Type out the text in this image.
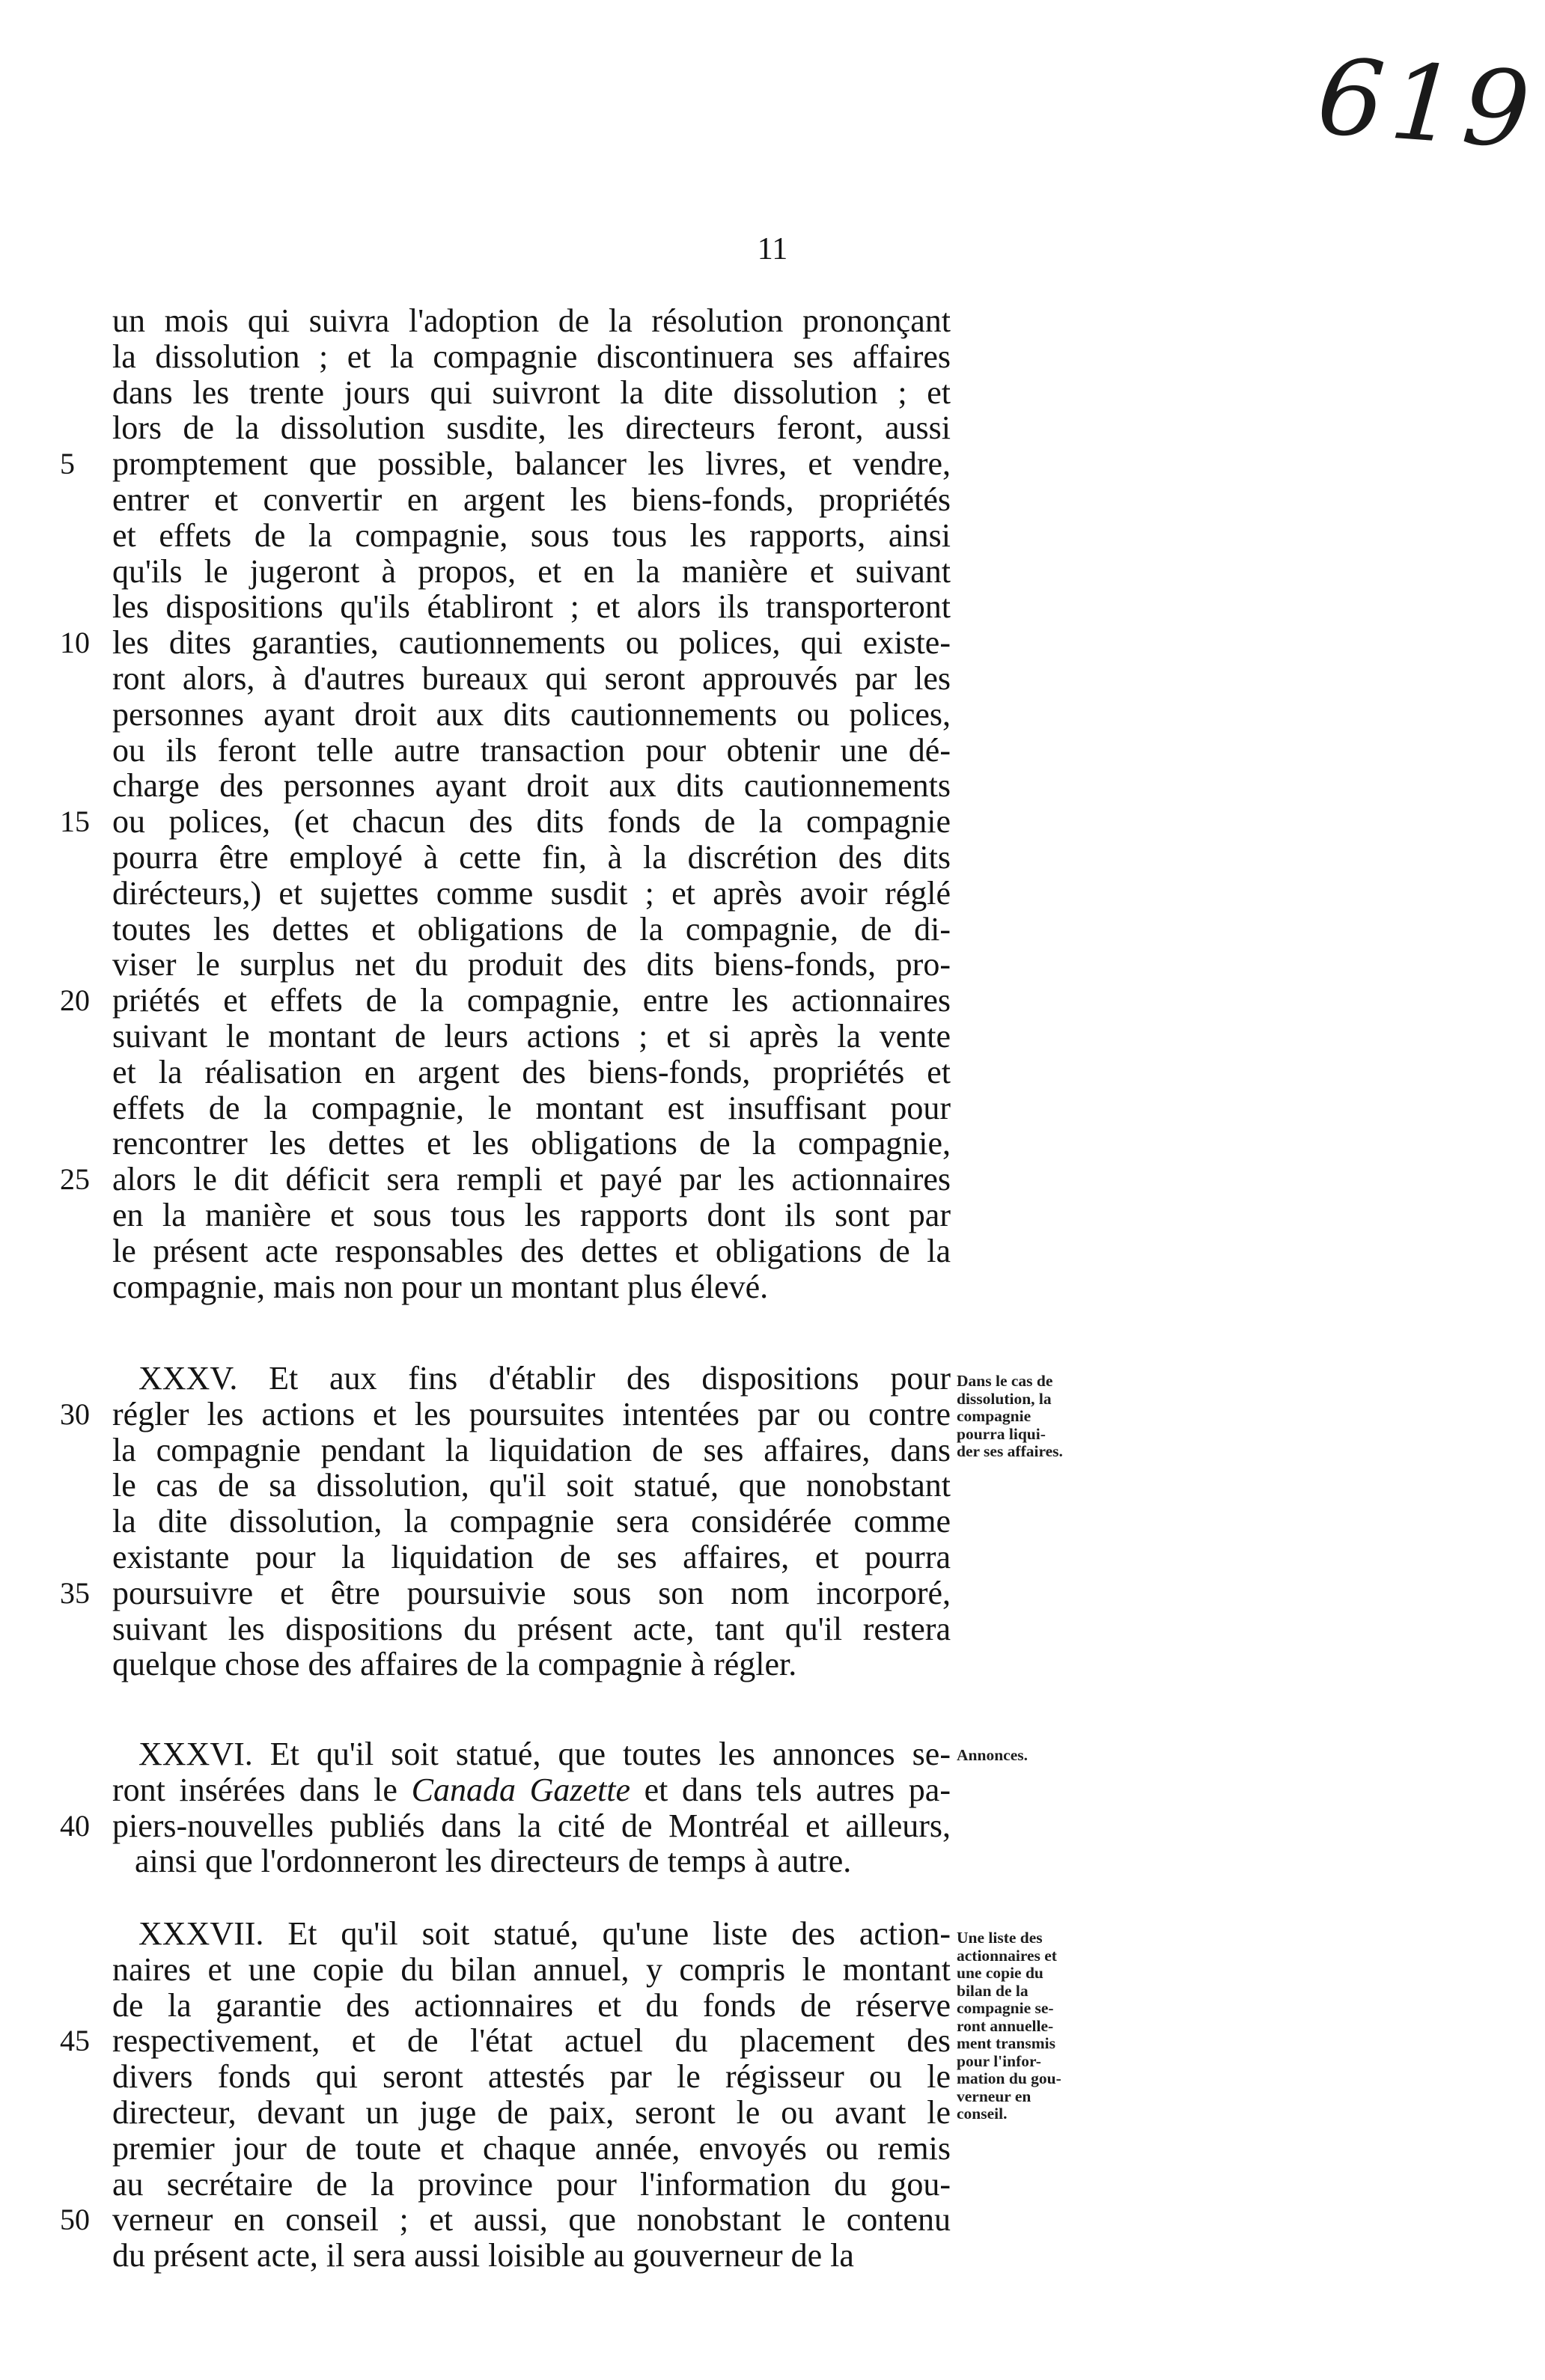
619
11
un mois qui suivra l'adoption de la résolution prononçant
la dissolution ; et la compagnie discontinuera ses affaires
dans les trente jours qui suivront la dite dissolution ; et
lors de la dissolution susdite, les directeurs feront, aussi
5	promptement que possible, balancer les livres, et vendre,
entrer et convertir en argent les biens-fonds, propriétés
et effets de la compagnie, sous tous les rapports, ainsi
qu'ils le jugeront à propos, et en la manière et suivant
les dispositions qu'ils établiront ; et alors ils transporteront
10 les dites garanties, cautionnements ou polices, qui existe-
ront alors, à d'autres bureaux qui seront approuvés par les
personnes ayant droit aux dits cautionnements ou polices,
ou ils feront telle autre transaction pour obtenir une dé-
charge des personnes ayant droit aux dits cautionnements
15 ou polices, (et chacun des dits fonds de la compagnie
pourra être employé à cette fin, à la discrétion des dits
dirécteurs,) et sujettes comme susdit ; et après avoir réglé
toutes les dettes et obligations de la compagnie, de di-
viser le surplus net du produit des dits biens-fonds, pro-
20 priétés et effets de la compagnie, entre les actionnaires
suivant le montant de leurs actions ; et si après la vente
et la réalisation en argent des biens-fonds, propriétés et
effets de la compagnie, le montant est insuffisant pour
rencontrer les dettes et les obligations de la compagnie,
25 alors le dit déficit sera rempli et payé par les actionnaires
en la manière et sous tous les rapports dont ils sont par
le présent acte responsables des dettes et obligations de la
compagnie, mais non pour un montant plus élevé.
XXXV. Et aux fins d'établir des dispositions pour
30 régler les actions et les poursuites intentées par ou contre
la compagnie pendant la liquidation de ses affaires, dans
le cas de sa dissolution, qu'il soit statué, que nonobstant
la dite dissolution, la compagnie sera considérée comme
existante pour la liquidation de ses affaires, et pourra
35 poursuivre et être poursuivie sous son nom incorporé,
suivant les dispositions du présent acte, tant qu'il restera
quelque chose des affaires de la compagnie à régler.
Dans le cas de
dissolution, la
compagnie
pourra liqui-
der ses affaires.
XXXVI. Et qu'il soit statué, que toutes les annonces se-
ront insérées dans le Canada Gazette et dans tels autres pa-
40 piers-nouvelles publiés dans la cité de Montréal et ailleurs,
ainsi que l'ordonneront les directeurs de temps à autre.
Annonces.
XXXVII. Et qu'il soit statué, qu'une liste des action-
naires et une copie du bilan annuel, y compris le montant
de la garantie des actionnaires et du fonds de réserve
45 respectivement, et de l'état actuel du placement des
divers fonds qui seront attestés par le régisseur ou le
directeur, devant un juge de paix, seront le ou avant le
premier jour de toute et chaque année, envoyés ou remis
au secrétaire de la province pour l'information du gou-
50 verneur en conseil ; et aussi, que nonobstant le contenu
du présent acte, il sera aussi loisible au gouverneur de la
Une liste des
actionnaires et
une copie du
bilan de la
compagnie se-
ront annuelle-
ment transmis
pour l'infor-
mation du gou-
verneur en
conseil.
